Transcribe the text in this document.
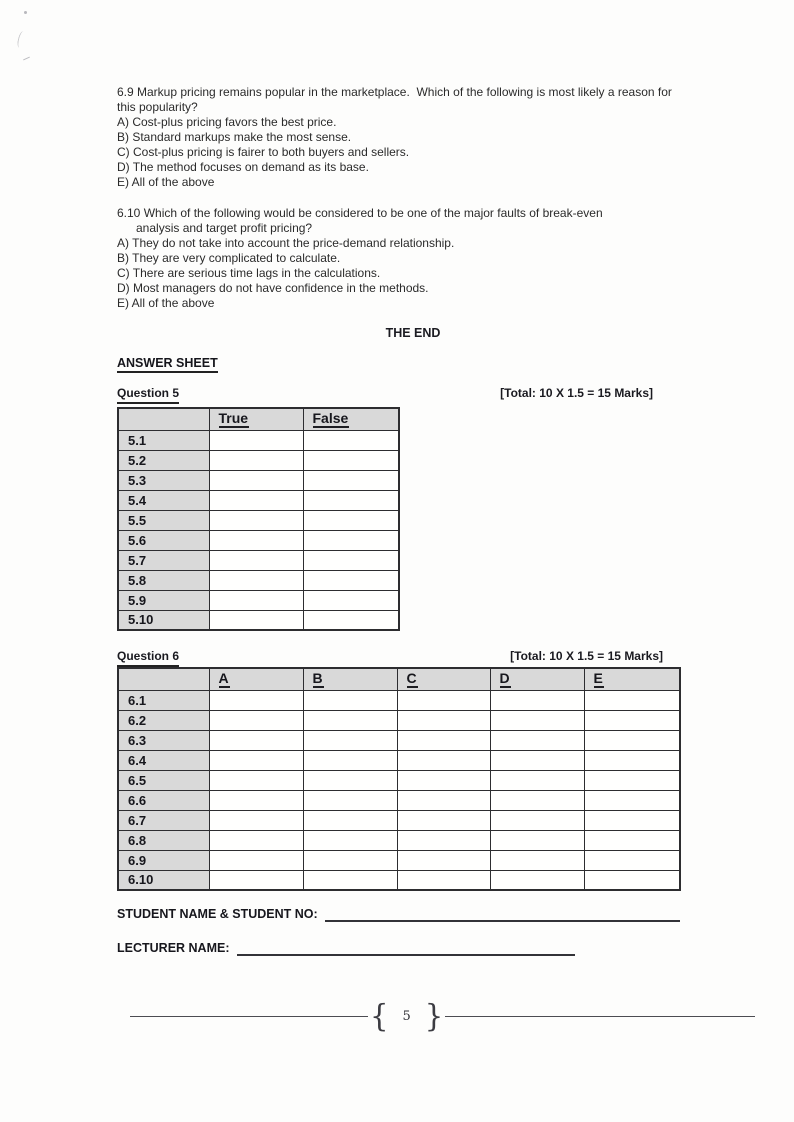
6.9 Markup pricing remains popular in the marketplace.  Which of the following is most likely a reason for this popularity?
A) Cost-plus pricing favors the best price.
B) Standard markups make the most sense.
C) Cost-plus pricing is fairer to both buyers and sellers.
D) The method focuses on demand as its base.
E) All of the above
6.10 Which of the following would be considered to be one of the major faults of break-even analysis and target profit pricing?
A) They do not take into account the price-demand relationship.
B) They are very complicated to calculate.
C) There are serious time lags in the calculations.
D) Most managers do not have confidence in the methods.
E) All of the above
THE END
ANSWER SHEET
Question 5	[Total: 10 X 1.5 = 15 Marks]
	True	False
5.1		
5.2		
5.3		
5.4		
5.5		
5.6		
5.7		
5.8		
5.9		
5.10		
Question 6	[Total: 10 X 1.5 = 15 Marks]
	A	B	C	D	E
6.1					
6.2					
6.3					
6.4					
6.5					
6.6					
6.7					
6.8					
6.9					
6.10					
STUDENT NAME & STUDENT NO:
LECTURER NAME:
{ 5 }
